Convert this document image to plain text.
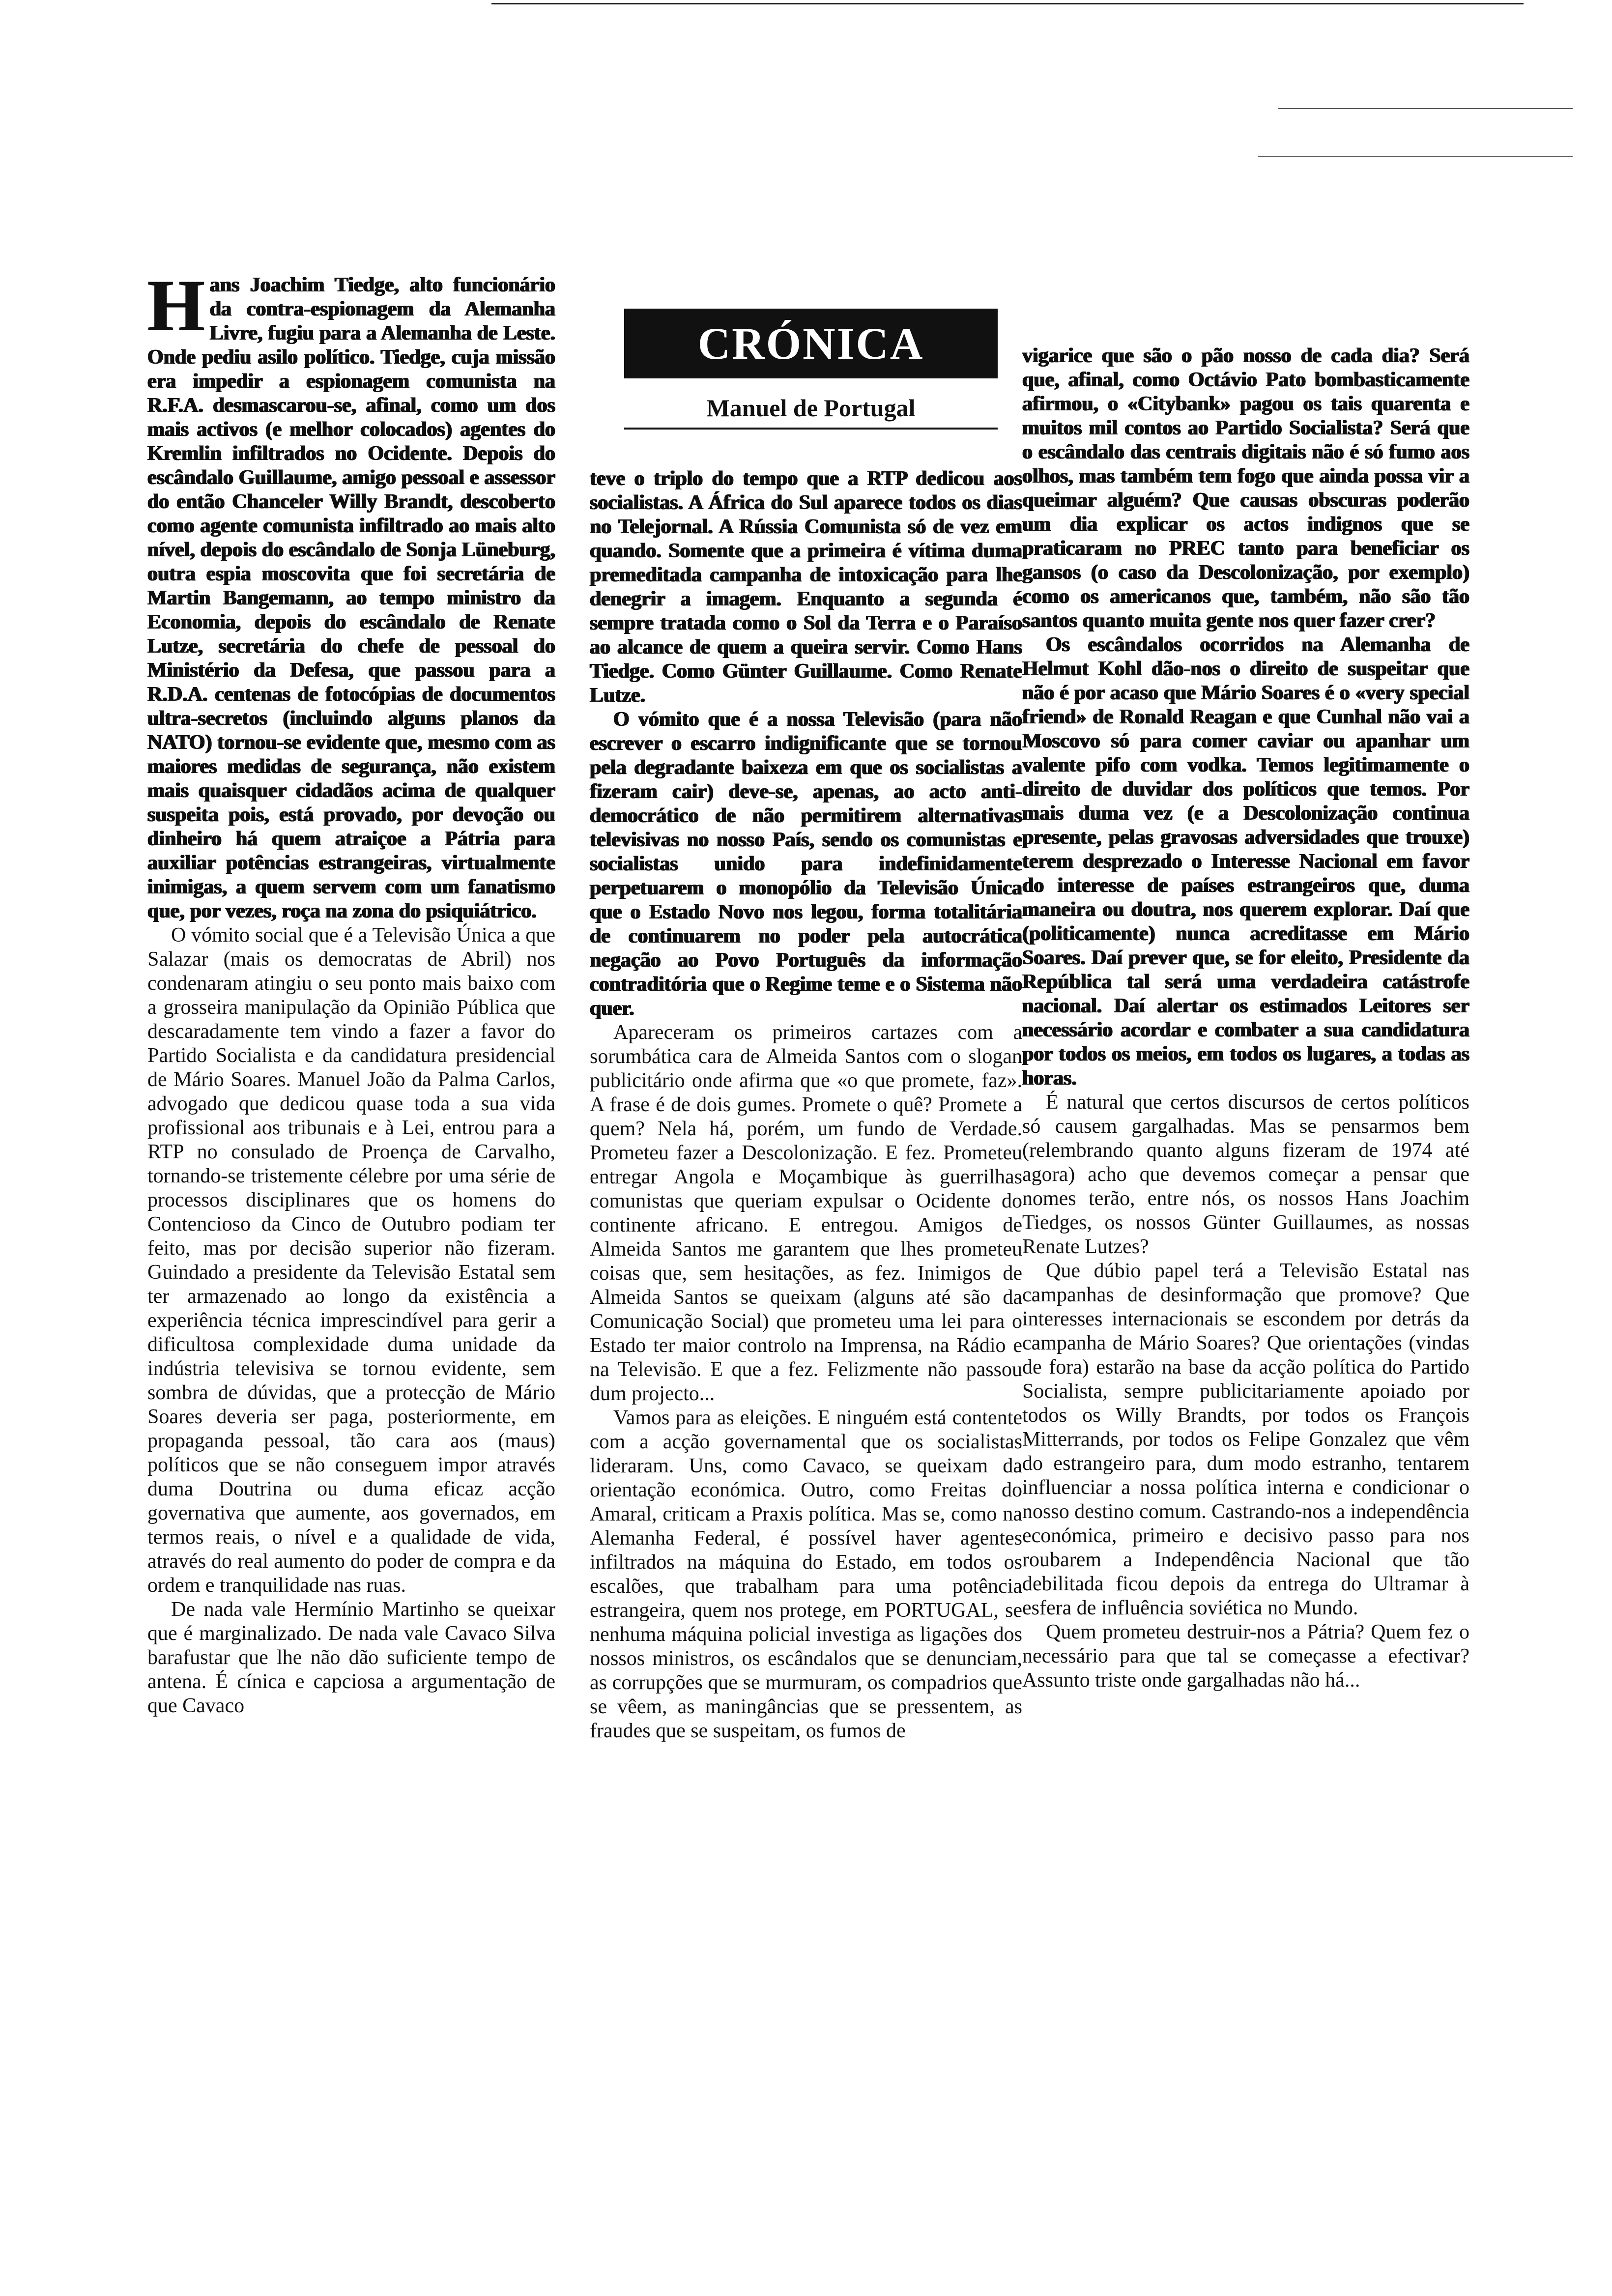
CRÓNICA
Manuel de Portugal

Hans Joachim Tiedge, alto funcionário da contra-espionagem da Alemanha Livre, fugiu para a Alemanha de Leste. Onde pediu asilo político. Tiedge, cuja missão era impedir a espionagem comunista na R.F.A. desmascarou-se, afinal, como um dos mais activos (e melhor colocados) agentes do Kremlin infiltrados no Ocidente. Depois do escândalo Guillaume, amigo pessoal e assessor do então Chanceler Willy Brandt, descoberto como agente comunista infiltrado ao mais alto nível, depois do escândalo de Sonja Lüneburg, outra espia moscovita que foi secretária de Martin Bangemann, ao tempo ministro da Economia, depois do escândalo de Renate Lutze, secretária do chefe de pessoal do Ministério da Defesa, que passou para a R.D.A. centenas de fotocópias de documentos ultra-secretos (incluindo alguns planos da NATO) tornou-se evidente que, mesmo com as maiores medidas de segurança, não existem mais quaisquer cidadãos acima de qualquer suspeita pois, está provado, por devoção ou dinheiro há quem atraiçoe a Pátria para auxiliar potências estrangeiras, virtualmente inimigas, a quem servem com um fanatismo que, por vezes, roça na zona do psiquiátrico.

O vómito social que é a Televisão Única a que Salazar (mais os democratas de Abril) nos condenaram atingiu o seu ponto mais baixo com a grosseira manipulação da Opinião Pública que descaradamente tem vindo a fazer a favor do Partido Socialista e da candidatura presidencial de Mário Soares. Manuel João da Palma Carlos, advogado que dedicou quase toda a sua vida profissional aos tribunais e à Lei, entrou para a RTP no consulado de Proença de Carvalho, tornando-se tristemente célebre por uma série de processos disciplinares que os homens do Contencioso da Cinco de Outubro podiam ter feito, mas por decisão superior não fizeram. Guindado a presidente da Televisão Estatal sem ter armazenado ao longo da existência a experiência técnica imprescindível para gerir a dificultosa complexidade duma unidade da indústria televisiva se tornou evidente, sem sombra de dúvidas, que a protecção de Mário Soares deveria ser paga, posteriormente, em propaganda pessoal, tão cara aos (maus) políticos que se não conseguem impor através duma Doutrina ou duma eficaz acção governativa que aumente, aos governados, em termos reais, o nível e a qualidade de vida, através do real aumento do poder de compra e da ordem e tranquilidade nas ruas.

De nada vale Hermínio Martinho se queixar que é marginalizado. De nada vale Cavaco Silva barafustar que lhe não dão suficiente tempo de antena. É cínica e capciosa a argumentação de que Cavaco

teve o triplo do tempo que a RTP dedicou aos socialistas. A África do Sul aparece todos os dias no Telejornal. A Rússia Comunista só de vez em quando. Somente que a primeira é vítima duma premeditada campanha de intoxicação para lhe denegrir a imagem. Enquanto a segunda é sempre tratada como o Sol da Terra e o Paraíso ao alcance de quem a queira servir. Como Hans Tiedge. Como Günter Guillaume. Como Renate Lutze.

O vómito que é a nossa Televisão (para não escrever o escarro indignificante que se tornou pela degradante baixeza em que os socialistas a fizeram cair) deve-se, apenas, ao acto anti-democrático de não permitirem alternativas televisivas no nosso País, sendo os comunistas e socialistas unido para indefinidamente perpetuarem o monopólio da Televisão Única que o Estado Novo nos legou, forma totalitária de continuarem no poder pela autocrática negação ao Povo Português da informação contraditória que o Regime teme e o Sistema não quer.

Apareceram os primeiros cartazes com a sorumbática cara de Almeida Santos com o slogan publicitário onde afirma que «o que promete, faz». A frase é de dois gumes. Promete o quê? Promete a quem? Nela há, porém, um fundo de Verdade. Prometeu fazer a Descolonização. E fez. Prometeu entregar Angola e Moçambique às guerrilhas comunistas que queriam expulsar o Ocidente do continente africano. E entregou. Amigos de Almeida Santos me garantem que lhes prometeu coisas que, sem hesitações, as fez. Inimigos de Almeida Santos se queixam (alguns até são da Comunicação Social) que prometeu uma lei para o Estado ter maior controlo na Imprensa, na Rádio e na Televisão. E que a fez. Felizmente não passou dum projecto...

Vamos para as eleições. E ninguém está contente com a acção governamental que os socialistas lideraram. Uns, como Cavaco, se queixam da orientação económica. Outro, como Freitas do Amaral, criticam a Praxis política. Mas se, como na Alemanha Federal, é possível haver agentes infiltrados na máquina do Estado, em todos os escalões, que trabalham para uma potência estrangeira, quem nos protege, em PORTUGAL, se nenhuma máquina policial investiga as ligações dos nossos ministros, os escândalos que se denunciam, as corrupções que se murmuram, os compadrios que se vêem, as maningâncias que se pressentem, as fraudes que se suspeitam, os fumos de

vigarice que são o pão nosso de cada dia? Será que, afinal, como Octávio Pato bombasticamente afirmou, o «Citybank» pagou os tais quarenta e muitos mil contos ao Partido Socialista? Será que o escândalo das centrais digitais não é só fumo aos olhos, mas também tem fogo que ainda possa vir a queimar alguém? Que causas obscuras poderão um dia explicar os actos indignos que se praticaram no PREC tanto para beneficiar os gansos (o caso da Descolonização, por exemplo) como os americanos que, também, não são tão santos quanto muita gente nos quer fazer crer?

Os escândalos ocorridos na Alemanha de Helmut Kohl dão-nos o direito de suspeitar que não é por acaso que Mário Soares é o «very special friend» de Ronald Reagan e que Cunhal não vai a Moscovo só para comer caviar ou apanhar um valente pifo com vodka. Temos legitimamente o direito de duvidar dos políticos que temos. Por mais duma vez (e a Descolonização continua presente, pelas gravosas adversidades que trouxe) terem desprezado o Interesse Nacional em favor do interesse de países estrangeiros que, duma maneira ou doutra, nos querem explorar. Daí que (politicamente) nunca acreditasse em Mário Soares. Daí prever que, se for eleito, Presidente da República tal será uma verdadeira catástrofe nacional. Daí alertar os estimados Leitores ser necessário acordar e combater a sua candidatura por todos os meios, em todos os lugares, a todas as horas.

É natural que certos discursos de certos políticos só causem gargalhadas. Mas se pensarmos bem (relembrando quanto alguns fizeram de 1974 até agora) acho que devemos começar a pensar que nomes terão, entre nós, os nossos Hans Joachim Tiedges, os nossos Günter Guillaumes, as nossas Renate Lutzes?

Que dúbio papel terá a Televisão Estatal nas campanhas de desinformação que promove? Que interesses internacionais se escondem por detrás da campanha de Mário Soares? Que orientações (vindas de fora) estarão na base da acção política do Partido Socialista, sempre publicitariamente apoiado por todos os Willy Brandts, por todos os François Mitterrands, por todos os Felipe Gonzalez que vêm do estrangeiro para, dum modo estranho, tentarem influenciar a nossa política interna e condicionar o nosso destino comum. Castrando-nos a independência económica, primeiro e decisivo passo para nos roubarem a Independência Nacional que tão debilitada ficou depois da entrega do Ultramar à esfera de influência soviética no Mundo.

Quem prometeu destruir-nos a Pátria? Quem fez o necessário para que tal se começasse a efectivar? Assunto triste onde gargalhadas não há...
